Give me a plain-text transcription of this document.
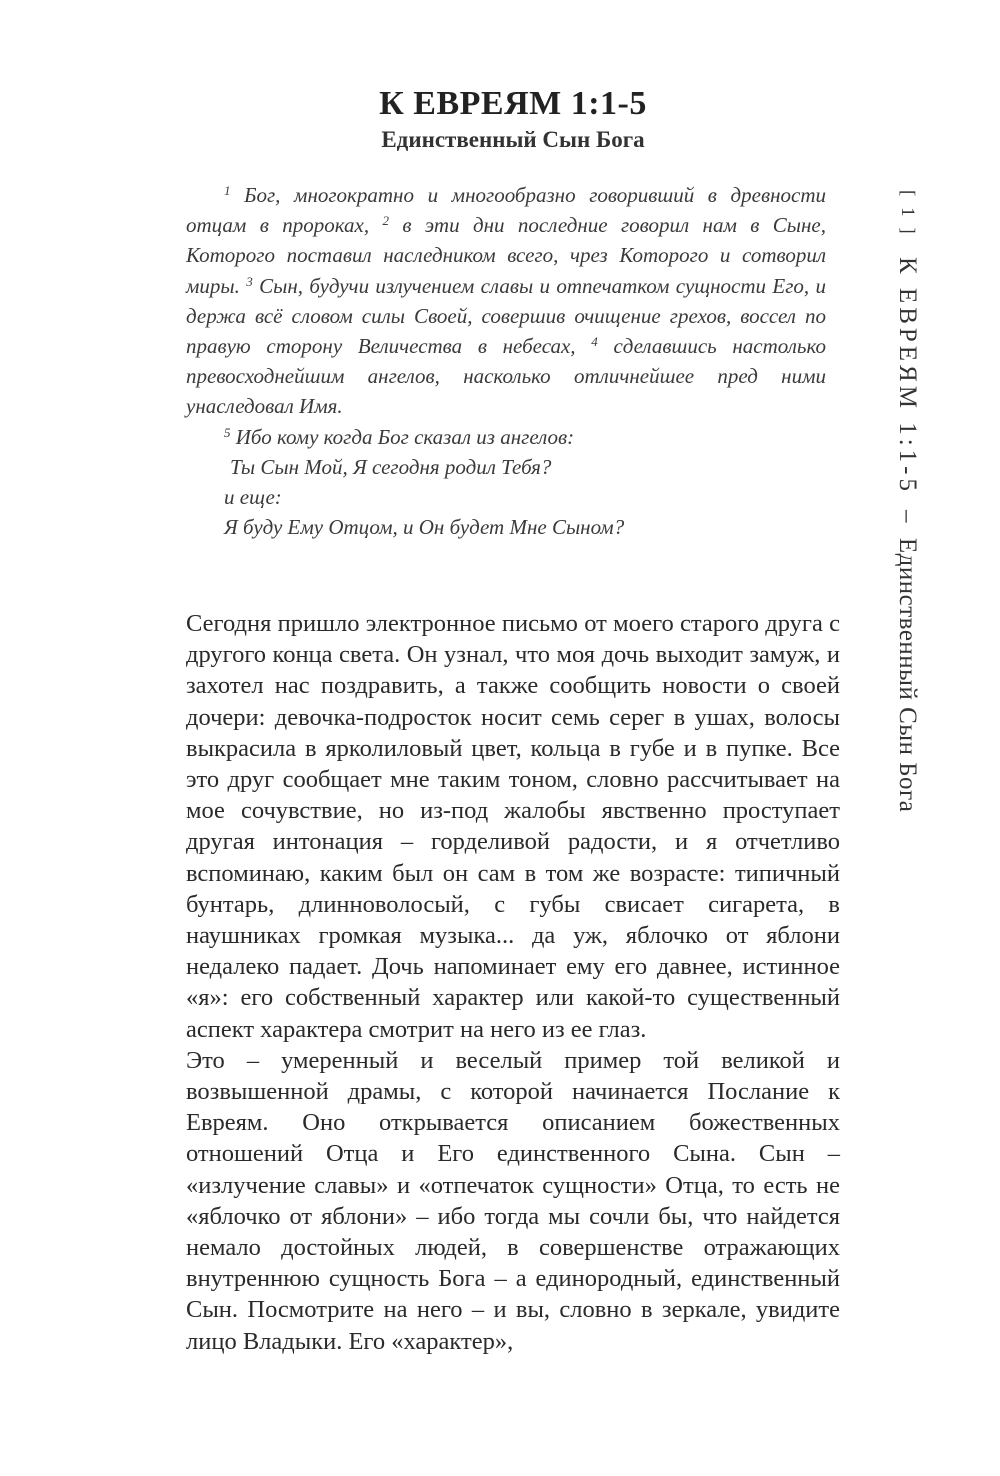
К ЕВРЕЯМ 1:1-5
Единственный Сын Бога

$^1$ Бог, многократно и многообразно говоривший в древности отцам в пророках, $^2$ в эти дни последние говорил нам в Сыне, Которого поставил наследником всего, чрез Которого и сотворил миры. $^3$ Сын, будучи излучением славы и отпечатком сущности Его, и держа всё словом силы Своей, совершив очищение грехов, воссел по правую сторону Величества в небесах, $^4$ сделавшись настолько превосходнейшим ангелов, насколько отличнейшее пред ними унаследовал Имя.

$^5$ Ибо кому когда Бог сказал из ангелов:

Ты Сын Мой, Я сегодня родил Тебя?

и еще:

Я буду Ему Отцом, и Он будет Мне Сыном?

Сегодня пришло электронное письмо от моего старого друга с другого конца света. Он узнал, что моя дочь выходит замуж, и захотел нас поздравить, а также сообщить новости о своей дочери: девочка-подросток носит семь серег в ушах, волосы выкрасила в ярколиловый цвет, кольца в губе и в пупке. Все это друг сообщает мне таким тоном, словно рассчитывает на мое сочувствие, но из-под жалобы явственно проступает другая интонация – горделивой радости, и я отчетливо вспоминаю, каким был он сам в том же возрасте: типичный бунтарь, длинноволосый, с губы свисает сигарета, в наушниках громкая музыка... да уж, яблочко от яблони недалеко падает. Дочь напоминает ему его давнее, истинное «я»: его собственный характер или какой-то существенный аспект характера смотрит на него из ее глаз.

Это – умеренный и веселый пример той великой и возвышенной драмы, с которой начинается Послание к Евреям. Оно открывается описанием божественных отношений Отца и Его единственного Сына. Сын – «излучение славы» и «отпечаток сущности» Отца, то есть не «яблочко от яблони» – ибо тогда мы сочли бы, что найдется немало достойных людей, в совершенстве отражающих внутреннюю сущность Бога – а единородный, единственный Сын. Посмотрите на него – и вы, словно в зеркале, увидите лицо Владыки. Его «характер»,

[ 1 ] К ЕВРЕЯМ 1:1-5 – Единственный Сын Бога
